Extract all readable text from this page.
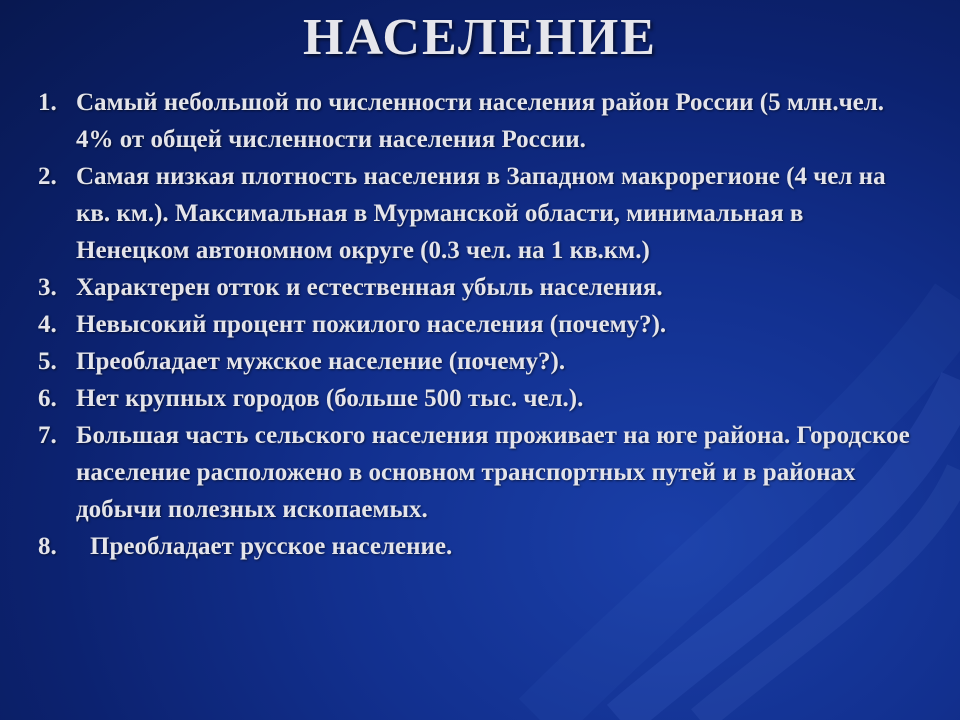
НАСЕЛЕНИЕ
1. Самый небольшой по численности населения район России (5 млн.чел. 4% от общей численности населения России.
2. Самая низкая плотность населения в Западном макрорегионе (4 чел на кв. км.). Максимальная в Мурманской области, минимальная в Ненецком автономном округе (0.3 чел. на 1 кв.км.)
3. Характерен отток и естественная убыль населения.
4. Невысокий процент пожилого населения (почему?).
5. Преобладает мужское население (почему?).
6. Нет крупных городов (больше 500 тыс. чел.).
7. Большая часть сельского населения проживает на юге района. Городское население расположено в основном транспортных путей и в районах добычи полезных ископаемых.
8. Преобладает русское население.
